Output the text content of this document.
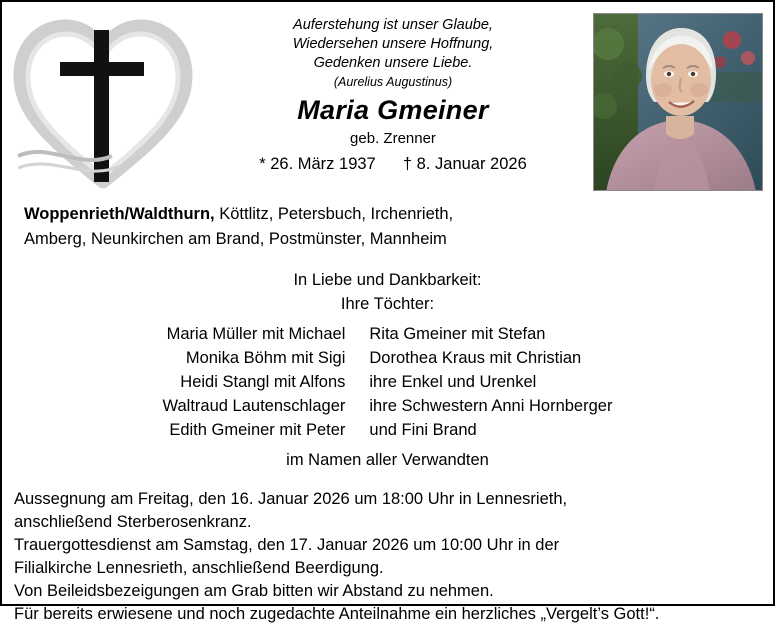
Auferstehung ist unser Glaube,
Wiedersehen unsere Hoffnung,
Gedenken unsere Liebe.
(Aurelius Augustinus)
Maria Gmeiner
geb. Zrenner
* 26. März 1937 † 8. Januar 2026
Woppenrieth/Waldthurn, Köttlitz, Petersbuch, Irchenrieth,
Amberg, Neunkirchen am Brand, Postmünster, Mannheim
In Liebe und Dankbarkeit:
Ihre Töchter:
Maria Müller mit Michael
Monika Böhm mit Sigi
Heidi Stangl mit Alfons
Waltraud Lautenschlager
Edith Gmeiner mit Peter
Rita Gmeiner mit Stefan
Dorothea Kraus mit Christian
ihre Enkel und Urenkel
ihre Schwestern Anni Hornberger
und Fini Brand
im Namen aller Verwandten

Aussegnung am Freitag, den 16. Januar 2026 um 18:00 Uhr in Lennesrieth,

anschließend Sterberosenkranz.

Trauergottesdienst am Samstag, den 17. Januar 2026 um 10:00 Uhr in der

Filialkirche Lennesrieth, anschließend Beerdigung.

Von Beileidsbezeigungen am Grab bitten wir Abstand zu nehmen.

Für bereits erwiesene und noch zugedachte Anteilnahme ein herzliches „Vergelt’s Gott!“.
